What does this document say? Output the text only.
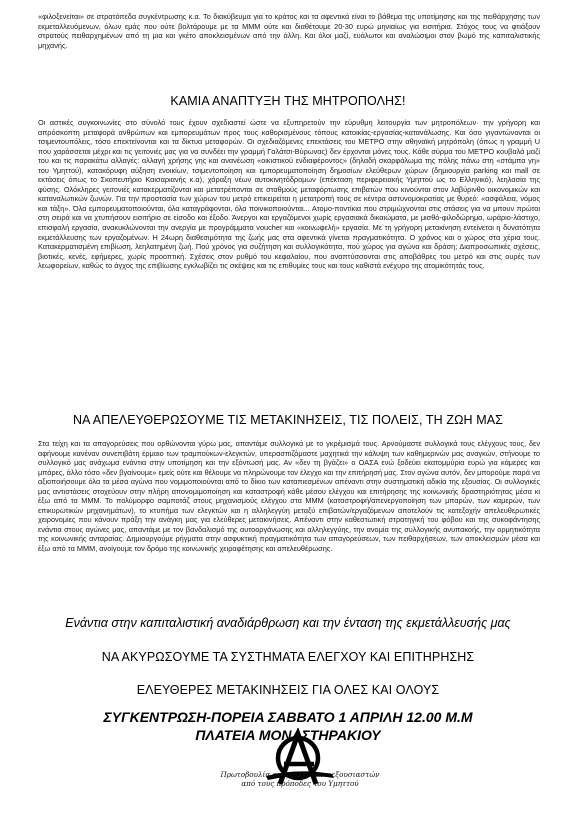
«φιλοξενείται» σε στρατόπεδα συγκέντρωσης κ.α. Το διακύβευμα για το κράτος και τα αφεντικά είναι το βάθεμα της υποτίμησης και της πειθάρχησης των εκμεταλλευόμενων, όλων εμάς που ούτε βολτάρουμε με τα ΜΜΜ ούτε και διαθέτουμε 20-30 ευρώ μηνιαίως για εισιτήρια. Στόχος τους να φτιάξουν στρατούς πειθαρχημένων από τη μια και γκέτο αποκλεισμένων από την άλλη. Και όλοι μαζί, ευάλωτοι και αναλώσιμοι στον βωμό της καπιταλιστικής μηχανής.

ΚΑΜΙΑ ΑΝΑΠΤΥΞΗ ΤΗΣ ΜΗΤΡΟΠΟΛΗΣ!

Οι αστικές συγκοινωνίες στο σύνολό τους έχουν σχεδιαστεί ώστε να εξυπηρετούν την εύρυθμη λειτουργία των μητροπόλεων· την γρήγορη και απρόσκοπτη μεταφορά ανθρώπων και εμπορευμάτων προς τους καθορισμένους τόπους κατοικίας-εργασίας-κατανάλωσης. Και όσο γιγαντώνονται οι τσιμεντουπόλεις, τόσο επεκτείνονται και τα δίκτυα μεταφορών. Οι σχεδιαζόμενες επεκτάσεις του ΜΕΤΡΟ στην αθηναϊκή μητρόπολη (όπως η γραμμή U που χαράσσεται μέχρι και τις γειτονιές μας για να συνδέει την γραμμή Γαλάτσι-Βύρωνας) δεν έρχονται μόνες τους. Κάθε σύρμα του ΜΕΤΡΟ κουβαλά μαζί του και τις παρακάτω αλλαγές: αλλαγή χρήσης γης και ανανέωση «οικιστικού ενδιαφέροντος» (δηλαδή σκαρφάλωμα της πόλης πάνω στη «στάμπα γη» του Υμηττού), κατακόρυφη αύξηση ενοικίων, τσιμεντοποίηση και εμπορευματοποίηση δημοσίων ελεύθερων χώρων (δημιουργία parking και mall σε εκτάσεις όπως το Σκοπευτήριο Καισαριανής κ.α), χάραξη νέων αυτοκινητόδρομων (επέκταση περιφερειακής Υμηττού ως το Ελληνικό), λεηλασία της φύσης. Ολόκληρες γειτονιές κατακερματίζονται και μετατρέπονται σε σταθμούς μεταφόρτωσης επιβατών που κινούνται στον λαβύρινθο οικονομικών και καταναλωτικών ζωνών. Για την προστασία των χώρων του μετρό επικειρείται η μετατροπή τους σε κέντρα αστυνομοκρατίας με θυρεό: «ασφάλεια, νόμος και τάξη». Όλα εμπορευματοποιούνται, όλα καταγράφονται, όλα ποινικοποιούνται... Ατομο-ποντίκια που στριμώχνονται στις στάσεις για να μπουν πρώτοι στη σειρά και να χτυπήσουν εισιτήριο σε είσοδο και έξοδο. Άνεργοι και εργαζόμενοι χωρίς εργασιακά δικαιώματα, με μισθό-φιλοδώρημα, ωράριο-λάστιχο, επισφαλή εργασία, ανακυκλώνονται την ανεργία με προγράμματα voucher και «κοινωφελή» εργασία. Με τη γρήγορη μετακίνηση εντείνεται η δυνατότητα εκμετάλλευσης των εργαζομένων. Η 24ωρη διαθεσιμότητα της ζωής μας στα αφεντικά γίνεται πραγματικότητα. Ο χρόνος και ο χώρος στα χέρια τους. Κατακερματισμένη επιβίωση, λεηλατημένη ζωή. Πού χρόνος για συζήτηση και συλλογικότητα, πού χώρος για αγώνα και δράση; Διαπροσωπικές σχέσεις, βιοτικές, κενές, εφήμερες, χωρίς προοπτική. Σχέσεις στον ρυθμό του κεφαλαίου, που αναπτύσσονται στις αποβάθρες του μετρό και στις ουρές των λεωφορείων, καθώς το άγχος της επιβίωσης εγκλωβίζει τις σκέψεις και τις επιθυμίες τους και τους καθιστά ενέχυρο της ατομικότητάς τους.

ΝΑ ΑΠΕΛΕΥΘΕΡΩΣΟΥΜΕ ΤΙΣ ΜΕΤΑΚΙΝΗΣΕΙΣ, ΤΙΣ ΠΟΛΕΙΣ, ΤΗ ΖΩΗ ΜΑΣ

Στα τείχη και τα απαγορεύσεις που ορθώνονται γύρω μας, απαντάμε συλλογικά με το γκρέμισμά τους. Αρνούμαστε συλλογικά τους ελέγχους τους, δεν αφήνουμε κανέναν συνεπιβάτη έρμαιο των τραμπούκων-ελεγκτών, υπερασπιζόμαστε μαχητικά την κάλυψη των καθημερινών μας αναγκών, στήνουμε το συλλογικό μας ανάχωμα ενάντια στην υποτίμηση και την εξόντωσή μας. Αν «δεν τη βγάζει» ο ΟΑΣΑ ενώ ξοδεύει εκατομμύρια ευρώ για κάμερες και μπάρες, άλλο τόσο «δεν βγαίνουμε» εμείς ούτε και θέλουμε να πληρώνουμε τον έλεγχο και την επιτήρησή μας. Στον αγώνα αυτόν, δεν μπορούμε παρά να αξιοποιήσουμε όλα τα μέσα αγώνα που νομιμοποιούνται από το δίκιο των καταπιεσμένων απέναντι στην συστηματική αδικία της εξουσίας. Οι συλλογικές μας αντιστάσεις στοχεύουν στην πλήρη απονομιμοποίηση και καταστροφή κάθε μέσου ελέγχου και επιτήρησης της κοινωνικής δραστηριότητας μέσα κι έξω από τα ΜΜΜ. Το πολύμορφο σαμποτάζ στους μηχανισμούς ελέγχου στα ΜΜΜ (καταστροφή/απενεργοποίηση των μπαρών, των καμερών, των επικυρωτικών μηχανημάτων), το κτυπήμα των ελεγκτών και η αλληλεγγύη μεταξύ επιβατών/εργαζόμενων αποτελούν τις κατεξοχήν απελευθερωτικές χειρονομίες που κάνουν πράξη την ανάγκη μας για ελεύθερες μετακινήσεις. Απέναντι στην καθεστωτική στρατηγική του φόβου και της συκοφάντησης ενάντια στους αγώνες μας, απαντάμε με τον βανδαλισμό της αυτοοργάνωσης και αλληλεγγύης, την ανομία της συλλογικής ανυπακοής, την ορμητικότητα της κοινωνικής ανταρσίας. Δημιουργούμε ρήγματα στην ασφυκτική πραγματικότητα των απαγορεύσεων, των πειθαρχήσεων, των αποκλεισμών μέσα και έξω από τα ΜΜΜ, ανοίγουμε τον δρόμο της κοινωνικής χειραφέτησης και απελευθέρωσης.

Ενάντια στην καπιταλιστική αναδιάρθρωση και την ένταση της εκμετάλλευσής μας
ΝΑ ΑΚΥΡΩΣΟΥΜΕ ΤΑ ΣΥΣΤΗΜΑΤΑ ΕΛΕΓΧΟΥ ΚΑΙ ΕΠΙΤΗΡΗΣΗΣ
ΕΛΕΥΘΕΡΕΣ ΜΕΤΑΚΙΝΗΣΕΙΣ ΓΙΑ ΟΛΕΣ ΚΑΙ ΟΛΟΥΣ
ΣΥΓΚΕΝΤΡΩΣΗ-ΠΟΡΕΙΑ ΣΑΒΒΑΤΟ 1 ΑΠΡΙΛΗ 12.00 Μ.Μ
ΠΛΑΤΕΙΑ ΜΟΝΑΣΤΗΡΑΚΙΟΥ
Πρωτοβουλία αναρχικών-αντιεξουσιαστών
από τους πρόποδες του Υμηττού
